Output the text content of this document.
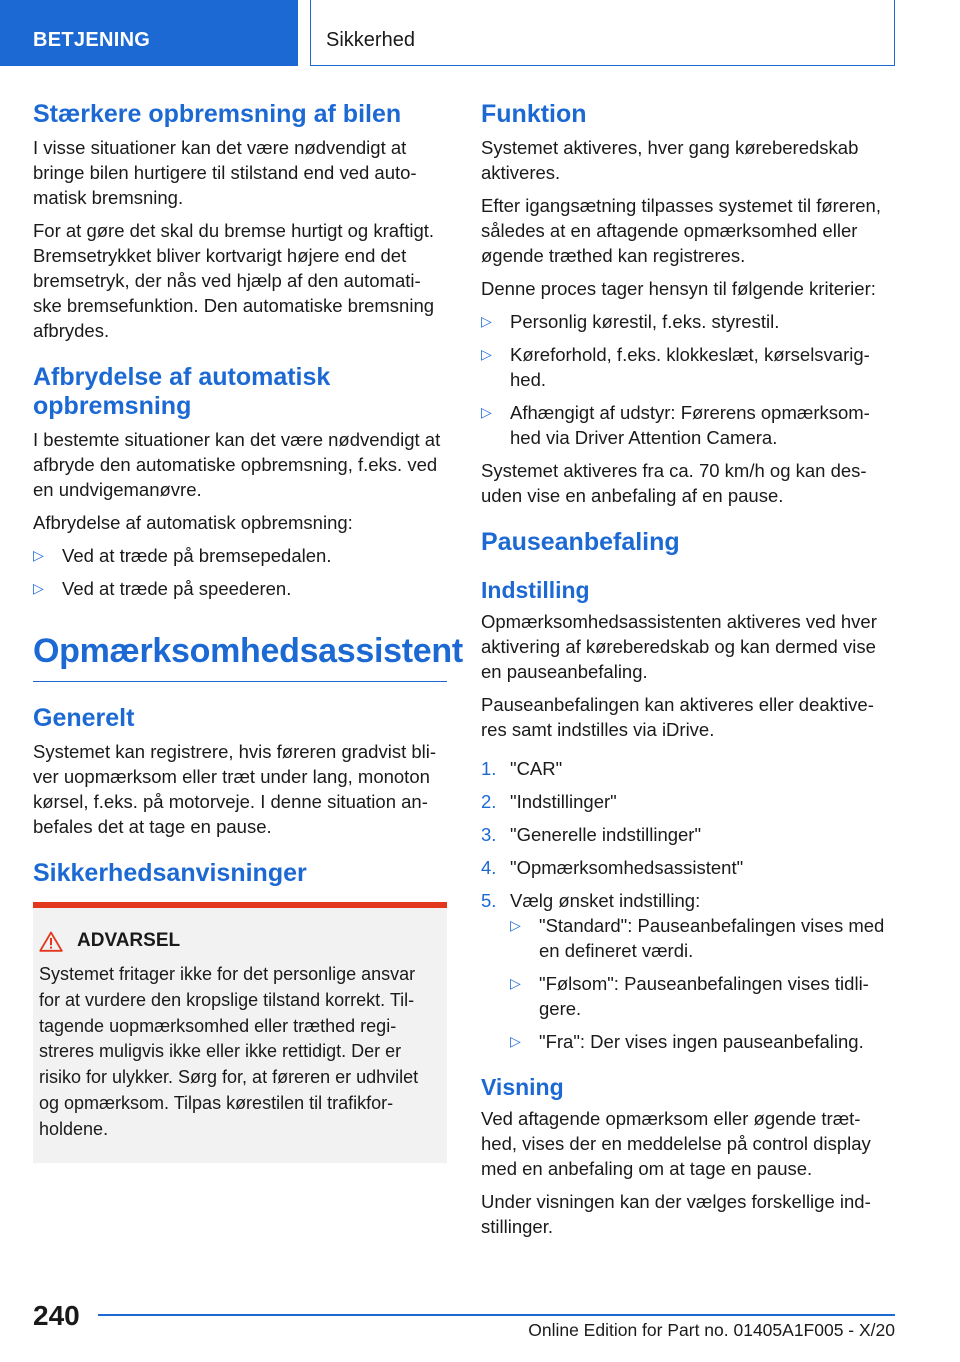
BETJENING	Sikkerhed
Stærkere opbremsning af bilen

I visse situationer kan det være nødvendigt at bringe bilen hurtigere til stilstand end ved auto-matisk bremsning.

For at gøre det skal du bremse hurtigt og kraftigt. Bremsetrykket bliver kortvarigt højere end det bremsetryk, der nås ved hjælp af den automati-ske bremsefunktion. Den automatiske bremsning afbrydes.

Afbrydelse af automatisk opbremsning

I bestemte situationer kan det være nødvendigt at afbryde den automatiske opbremsning, f.eks. ved en undvigemanøvre.

Afbrydelse af automatisk opbremsning:

▷ Ved at træde på bremsepedalen.
▷ Ved at træde på speederen.
Opmærksomhedsassistent
Generelt

Systemet kan registrere, hvis føreren gradvist bli-ver uopmærksom eller træt under lang, monoton kørsel, f.eks. på motorveje. I denne situation an-befales det at tage en pause.

Sikkerhedsanvisninger
ADVARSEL

Systemet fritager ikke for det personlige ansvar for at vurdere den kropslige tilstand korrekt. Til-tagende uopmærksomhed eller træthed regi-streres muligvis ikke eller ikke rettidigt. Der er risiko for ulykker. Sørg for, at føreren er udhvilet og opmærksom. Tilpas kørestilen til trafikfor-holdene.

Funktion

Systemet aktiveres, hver gang køreberedskab aktiveres.

Efter igangsætning tilpasses systemet til føreren, således at en aftagende opmærksomhed eller øgende træthed kan registreres.

Denne proces tager hensyn til følgende kriterier:

▷ Personlig kørestil, f.eks. styrestil.
▷ Køreforhold, f.eks. klokkeslæt, kørselsvarig-hed.
▷ Afhængigt af udstyr: Førerens opmærksom-hed via Driver Attention Camera.

Systemet aktiveres fra ca. 70 km/h og kan des-uden vise en anbefaling af en pause.

Pauseanbefaling
Indstilling

Opmærksomhedsassistenten aktiveres ved hver aktivering af køreberedskab og kan dermed vise en pauseanbefaling.

Pauseanbefalingen kan aktiveres eller deaktive-res samt indstilles via iDrive.

1. "CAR"
2. "Indstillinger"
3. "Generelle indstillinger"
4. "Opmærksomhedsassistent"
5. Vælg ønsket indstilling:
▷ "Standard": Pauseanbefalingen vises med en defineret værdi.
▷ "Følsom": Pauseanbefalingen vises tidli-gere.
▷ "Fra": Der vises ingen pauseanbefaling.
Visning

Ved aftagende opmærksom eller øgende træt-hed, vises der en meddelelse på control display med en anbefaling om at tage en pause.

Under visningen kan der vælges forskellige ind-stillinger.

240	Online Edition for Part no. 01405A1F005 - X/20
